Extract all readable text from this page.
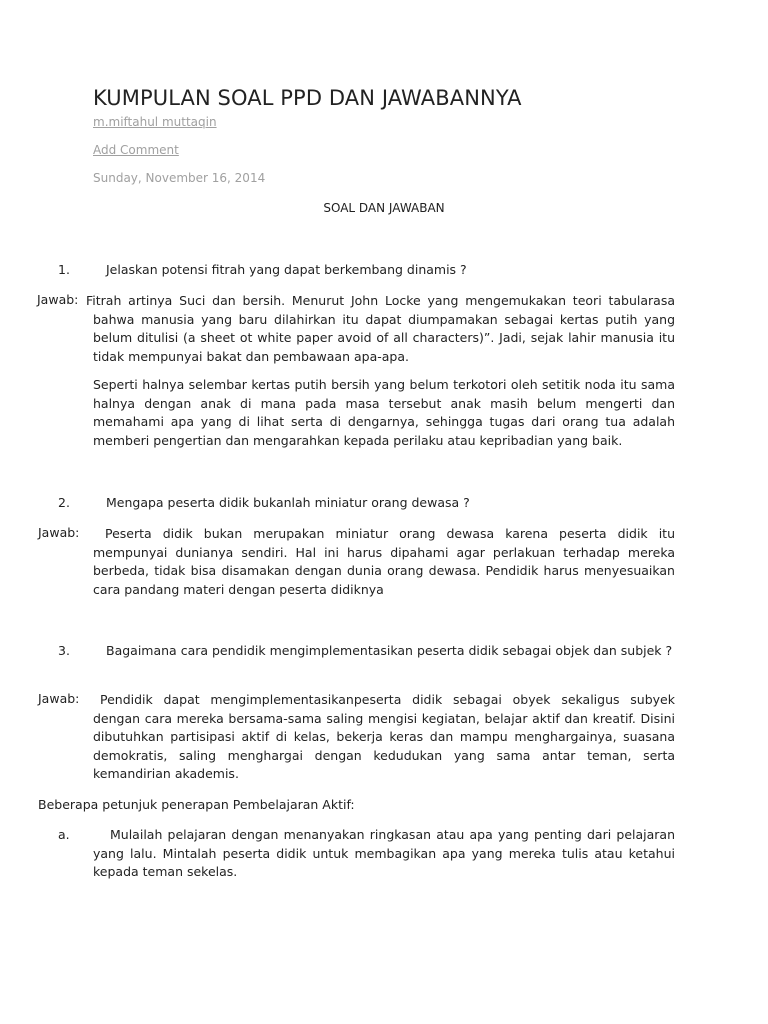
KUMPULAN SOAL PPD DAN JAWABANNYA
m.miftahul muttaqin
Add Comment
Sunday, November 16, 2014
SOAL DAN JAWABAN
1.	Jelaskan potensi fitrah yang dapat berkembang dinamis ?
Jawab: Fitrah artinya Suci dan bersih. Menurut John Locke yang mengemukakan teori tabularasa bahwa manusia yang baru dilahirkan itu dapat diumpamakan sebagai kertas putih yang belum ditulisi (a sheet ot white paper avoid of all characters)”. Jadi, sejak lahir manusia itu tidak mempunyai bakat dan pembawaan apa-apa.

Seperti halnya selembar kertas putih bersih yang belum terkotori oleh setitik noda itu sama halnya dengan anak di mana pada masa tersebut anak masih belum mengerti dan memahami apa yang di lihat serta di dengarnya, sehingga tugas dari orang tua adalah memberi pengertian dan mengarahkan kepada perilaku atau kepribadian yang baik.

2.	Mengapa peserta didik bukanlah miniatur orang dewasa ?
Jawab:	Peserta didik bukan merupakan miniatur orang dewasa karena peserta didik itu mempunyai dunianya sendiri. Hal ini harus dipahami agar perlakuan terhadap mereka berbeda, tidak bisa disamakan dengan dunia orang dewasa. Pendidik harus menyesuaikan cara pandang materi dengan peserta didiknya

3.	Bagaimana cara pendidik mengimplementasikan peserta didik sebagai objek dan subjek ?

Jawab:	Pendidik dapat mengimplementasikanpeserta didik sebagai obyek sekaligus subyek dengan cara mereka bersama-sama saling mengisi kegiatan, belajar aktif dan kreatif. Disini dibutuhkan partisipasi aktif di kelas, bekerja keras dan mampu menghargainya, suasana demokratis, saling menghargai dengan kedudukan yang sama antar teman, serta kemandirian akademis.

Beberapa petunjuk penerapan Pembelajaran Aktif:
a.	Mulailah pelajaran dengan menanyakan ringkasan atau apa yang penting dari pelajaran yang lalu. Mintalah peserta didik untuk membagikan apa yang mereka tulis atau ketahui kepada teman sekelas.
